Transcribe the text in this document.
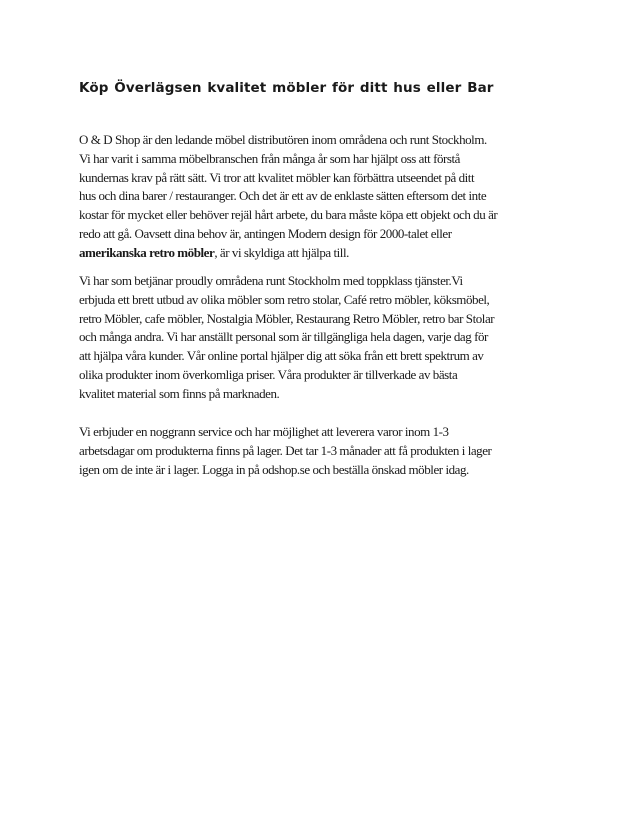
Köp Överlägsen kvalitet möbler för ditt hus eller Bar

O & D Shop är den ledande möbel distributören inom områdena och runt Stockholm.
Vi har varit i samma möbelbranschen från många år som har hjälpt oss att förstå
kundernas krav på rätt sätt. Vi tror att kvalitet möbler kan förbättra utseendet på ditt
hus och dina barer / restauranger. Och det är ett av de enklaste sätten eftersom det inte
kostar för mycket eller behöver rejäl hårt arbete, du bara måste köpa ett objekt och du är
redo att gå. Oavsett dina behov är, antingen Modern design för 2000-talet eller
amerikanska retro möbler, är vi skyldiga att hjälpa till.

Vi har som betjänar proudly områdena runt Stockholm med toppklass tjänster.Vi
erbjuda ett brett utbud av olika möbler som retro stolar, Café retro möbler, köksmöbel,
retro Möbler, cafe möbler, Nostalgia Möbler, Restaurang Retro Möbler, retro bar Stolar
och många andra. Vi har anställt personal som är tillgängliga hela dagen, varje dag för
att hjälpa våra kunder. Vår online portal hjälper dig att söka från ett brett spektrum av
olika produkter inom överkomliga priser. Våra produkter är tillverkade av bästa
kvalitet material som finns på marknaden.

Vi erbjuder en noggrann service och har möjlighet att leverera varor inom 1-3
arbetsdagar om produkterna finns på lager. Det tar 1-3 månader att få produkten i lager
igen om de inte är i lager. Logga in på odshop.se och beställa önskad möbler idag.
